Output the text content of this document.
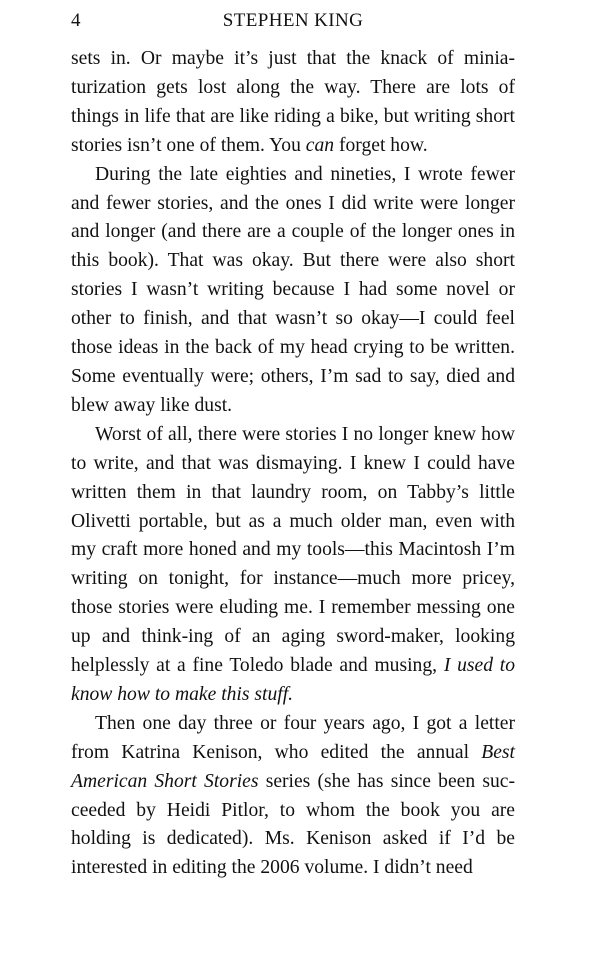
4	STEPHEN KING

sets in. Or maybe it’s just that the knack of minia-turization gets lost along the way. There are lots of things in life that are like riding a bike, but writing short stories isn’t one of them. You can forget how.

During the late eighties and nineties, I wrote fewer and fewer stories, and the ones I did write were longer and longer (and there are a couple of the longer ones in this book). That was okay. But there were also short stories I wasn’t writing because I had some novel or other to finish, and that wasn’t so okay—I could feel those ideas in the back of my head crying to be written. Some eventually were; others, I’m sad to say, died and blew away like dust.

Worst of all, there were stories I no longer knew how to write, and that was dismaying. I knew I could have written them in that laundry room, on Tabby’s little Olivetti portable, but as a much older man, even with my craft more honed and my tools—this Macintosh I’m writing on tonight, for instance—much more pricey, those stories were eluding me. I remember messing one up and think-ing of an aging sword-maker, looking helplessly at a fine Toledo blade and musing, I used to know how to make this stuff.

Then one day three or four years ago, I got a letter from Katrina Kenison, who edited the annual Best American Short Stories series (she has since been suc-ceeded by Heidi Pitlor, to whom the book you are holding is dedicated). Ms. Kenison asked if I’d be interested in editing the 2006 volume. I didn’t need
